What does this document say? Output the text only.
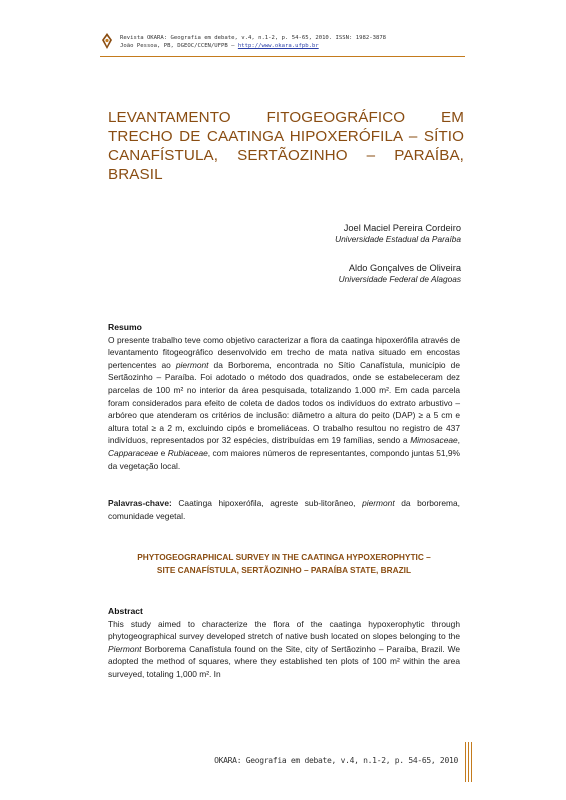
Revista OKARA: Geografia em debate, v.4, n.1-2, p. 54-65, 2010. ISSN: 1982-3878
João Pessoa, PB, DGEOC/CCEN/UFPB – http://www.okara.ufpb.br
LEVANTAMENTO FITOGEOGRÁFICO EM
TRECHO DE CAATINGA HIPOXERÓFILA – SÍTIO
CANAFÍSTULA, SERTÃOZINHO – PARAÍBA,
BRASIL
Joel Maciel Pereira Cordeiro
Universidade Estadual da Paraíba
Aldo Gonçalves de Oliveira
Universidade Federal de Alagoas
Resumo
O presente trabalho teve como objetivo caracterizar a flora da caatinga hipoxerófila através de levantamento fitogeográfico desenvolvido em trecho de mata nativa situado em encostas pertencentes ao piermont da Borborema, encontrada no Sítio Canafístula, município de Sertãozinho – Paraíba. Foi adotado o método dos quadrados, onde se estabeleceram dez parcelas de 100 m² no interior da área pesquisada, totalizando 1.000 m². Em cada parcela foram considerados para efeito de coleta de dados todos os indivíduos do extrato arbustivo – arbóreo que atenderam os critérios de inclusão: diâmetro a altura do peito (DAP) ≥ a 5 cm e altura total ≥ a 2 m, excluindo cipós e bromeliáceas. O trabalho resultou no registro de 437 indivíduos, representados por 32 espécies, distribuídas em 19 famílias, sendo a Mimosaceae, Capparaceae e Rubiaceae, com maiores números de representantes, compondo juntas 51,9% da vegetação local.
Palavras-chave: Caatinga hipoxerófila, agreste sub-litorâneo, piermont da borborema, comunidade vegetal.
PHYTOGEOGRAPHICAL SURVEY IN THE CAATINGA HYPOXEROPHYTIC –
SITE CANAFÍSTULA, SERTÃOZINHO – PARAÍBA STATE, BRAZIL
Abstract
This study aimed to characterize the flora of the caatinga hypoxerophytic through phytogeographical survey developed stretch of native bush located on slopes belonging to the Piermont Borborema Canafístula found on the Site, city of Sertãozinho – Paraíba, Brazil. We adopted the method of squares, where they established ten plots of 100 m² within the area surveyed, totaling 1,000 m². In
OKARA: Geografia em debate, v.4, n.1-2, p. 54-65, 2010
